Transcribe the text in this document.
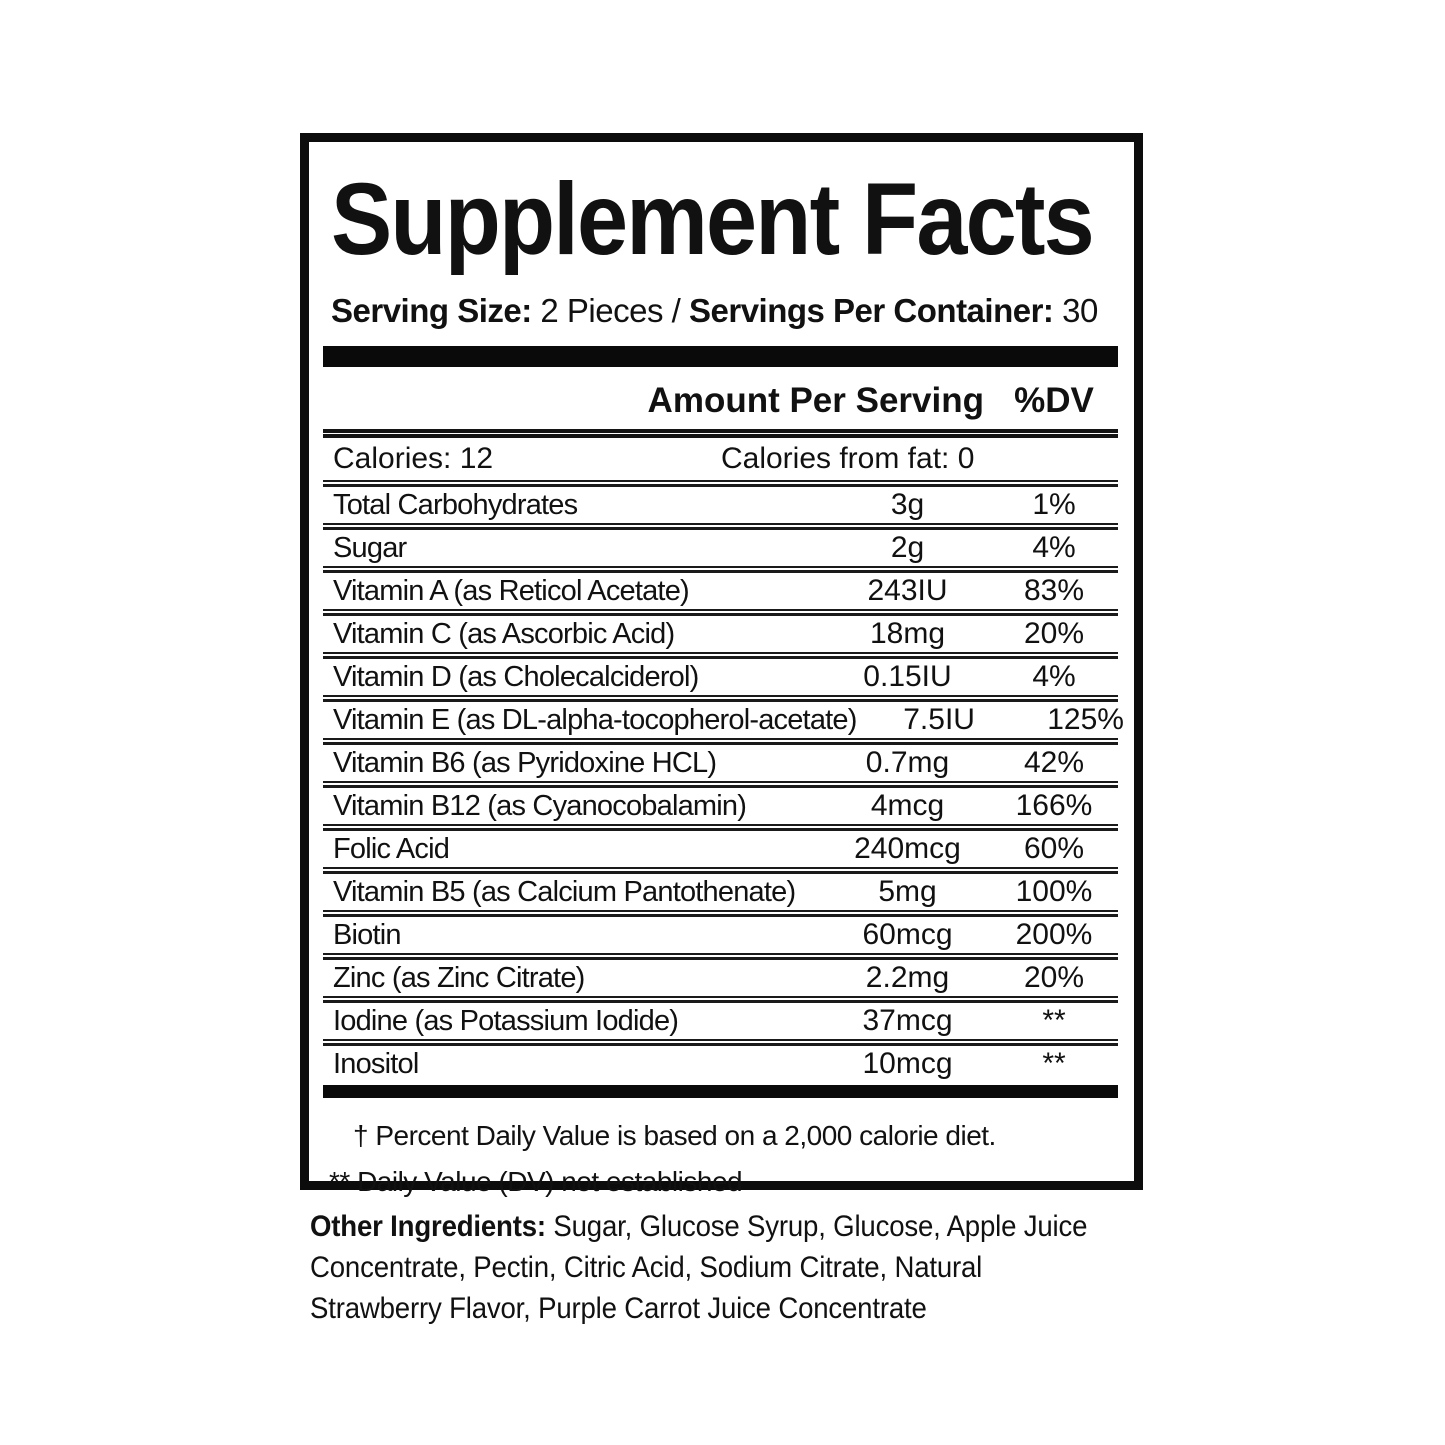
Supplement Facts

Serving Size: 2 Pieces / Servings Per Container: 30

Amount Per Serving %DV
Calories: 12	Calories from fat: 0
Total Carbohydrates	3g	1%
Sugar	2g	4%
Vitamin A (as Reticol Acetate)	243IU	83%
Vitamin C (as Ascorbic Acid)	18mg	20%
Vitamin D (as Cholecalciderol)	0.15IU	4%
Vitamin E (as DL-alpha-tocopherol-acetate)	7.5IU	125%
Vitamin B6 (as Pyridoxine HCL)	0.7mg	42%
Vitamin B12 (as Cyanocobalamin)	4mcg	166%
Folic Acid	240mcg	60%
Vitamin B5 (as Calcium Pantothenate)	5mg	100%
Biotin	60mcg	200%
Zinc (as Zinc Citrate)	2.2mg	20%
Iodine (as Potassium Iodide)	37mcg	**
Inositol	10mcg	**

† Percent Daily Value is based on a 2,000 calorie diet.

** Daily Value (DV) not established

Other Ingredients: Sugar, Glucose Syrup, Glucose, Apple Juice
Concentrate, Pectin, Citric Acid, Sodium Citrate, Natural
Strawberry Flavor, Purple Carrot Juice Concentrate
